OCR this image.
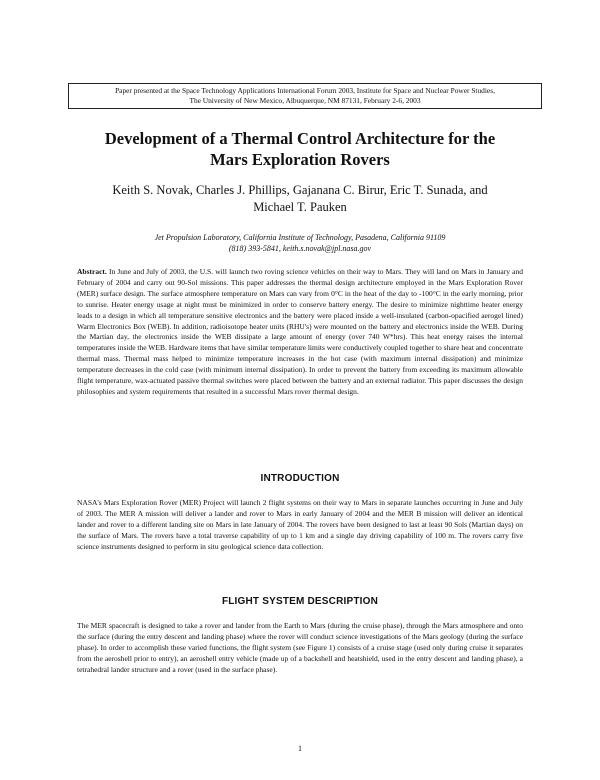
Paper presented at the Space Technology Applications International Forum 2003, Institute for Space and Nuclear Power Studies,
The University of New Mexico, Albuquerque, NM 87131, February 2-6, 2003
Development of a Thermal Control Architecture for the
Mars Exploration Rovers
Keith S. Novak, Charles J. Phillips, Gajanana C. Birur, Eric T. Sunada, and
Michael T. Pauken
Jet Propulsion Laboratory, California Institute of Technology, Pasadena, California 91109
(818) 393-5841, keith.s.novak@jpl.nasa.gov
Abstract. In June and July of 2003, the U.S. will launch two roving science vehicles on their way to Mars. They will land on Mars in January and February of 2004 and carry out 90-Sol missions. This paper addresses the thermal design architecture employed in the Mars Exploration Rover (MER) surface design. The surface atmosphere temperature on Mars can vary from 0°C in the heat of the day to -100°C in the early morning, prior to sunrise. Heater energy usage at night must be minimized in order to conserve battery energy. The desire to minimize nighttime heater energy leads to a design in which all temperature sensitive electronics and the battery were placed inside a well-insulated (carbon-opacified aerogel lined) Warm Electronics Box (WEB). In addition, radioisotope heater units (RHU's) were mounted on the battery and electronics inside the WEB. During the Martian day, the electronics inside the WEB dissipate a large amount of energy (over 740 W*hrs). This heat energy raises the internal temperatures inside the WEB. Hardware items that have similar temperature limits were conductively coupled together to share heat and concentrate thermal mass. Thermal mass helped to minimize temperature increases in the hot case (with maximum internal dissipation) and minimize temperature decreases in the cold case (with minimum internal dissipation). In order to prevent the battery from exceeding its maximum allowable flight temperature, wax-actuated passive thermal switches were placed between the battery and an external radiator. This paper discusses the design philosophies and system requirements that resulted in a successful Mars rover thermal design.
INTRODUCTION
NASA's Mars Exploration Rover (MER) Project will launch 2 flight systems on their way to Mars in separate launches occurring in June and July of 2003. The MER A mission will deliver a lander and rover to Mars in early January of 2004 and the MER B mission will deliver an identical lander and rover to a different landing site on Mars in late January of 2004. The rovers have been designed to last at least 90 Sols (Martian days) on the surface of Mars. The rovers have a total traverse capability of up to 1 km and a single day driving capability of 100 m. The rovers carry five science instruments designed to perform in situ geological science data collection.
FLIGHT SYSTEM DESCRIPTION
The MER spacecraft is designed to take a rover and lander from the Earth to Mars (during the cruise phase), through the Mars atmosphere and onto the surface (during the entry descent and landing phase) where the rover will conduct science investigations of the Mars geology (during the surface phase). In order to accomplish these varied functions, the flight system (see Figure 1) consists of a cruise stage (used only during cruise it separates from the aeroshell prior to entry), an aeroshell entry vehicle (made up of a backshell and heatshield, used in the entry descent and landing phase), a tetrahedral lander structure and a rover (used in the surface phase).
1
